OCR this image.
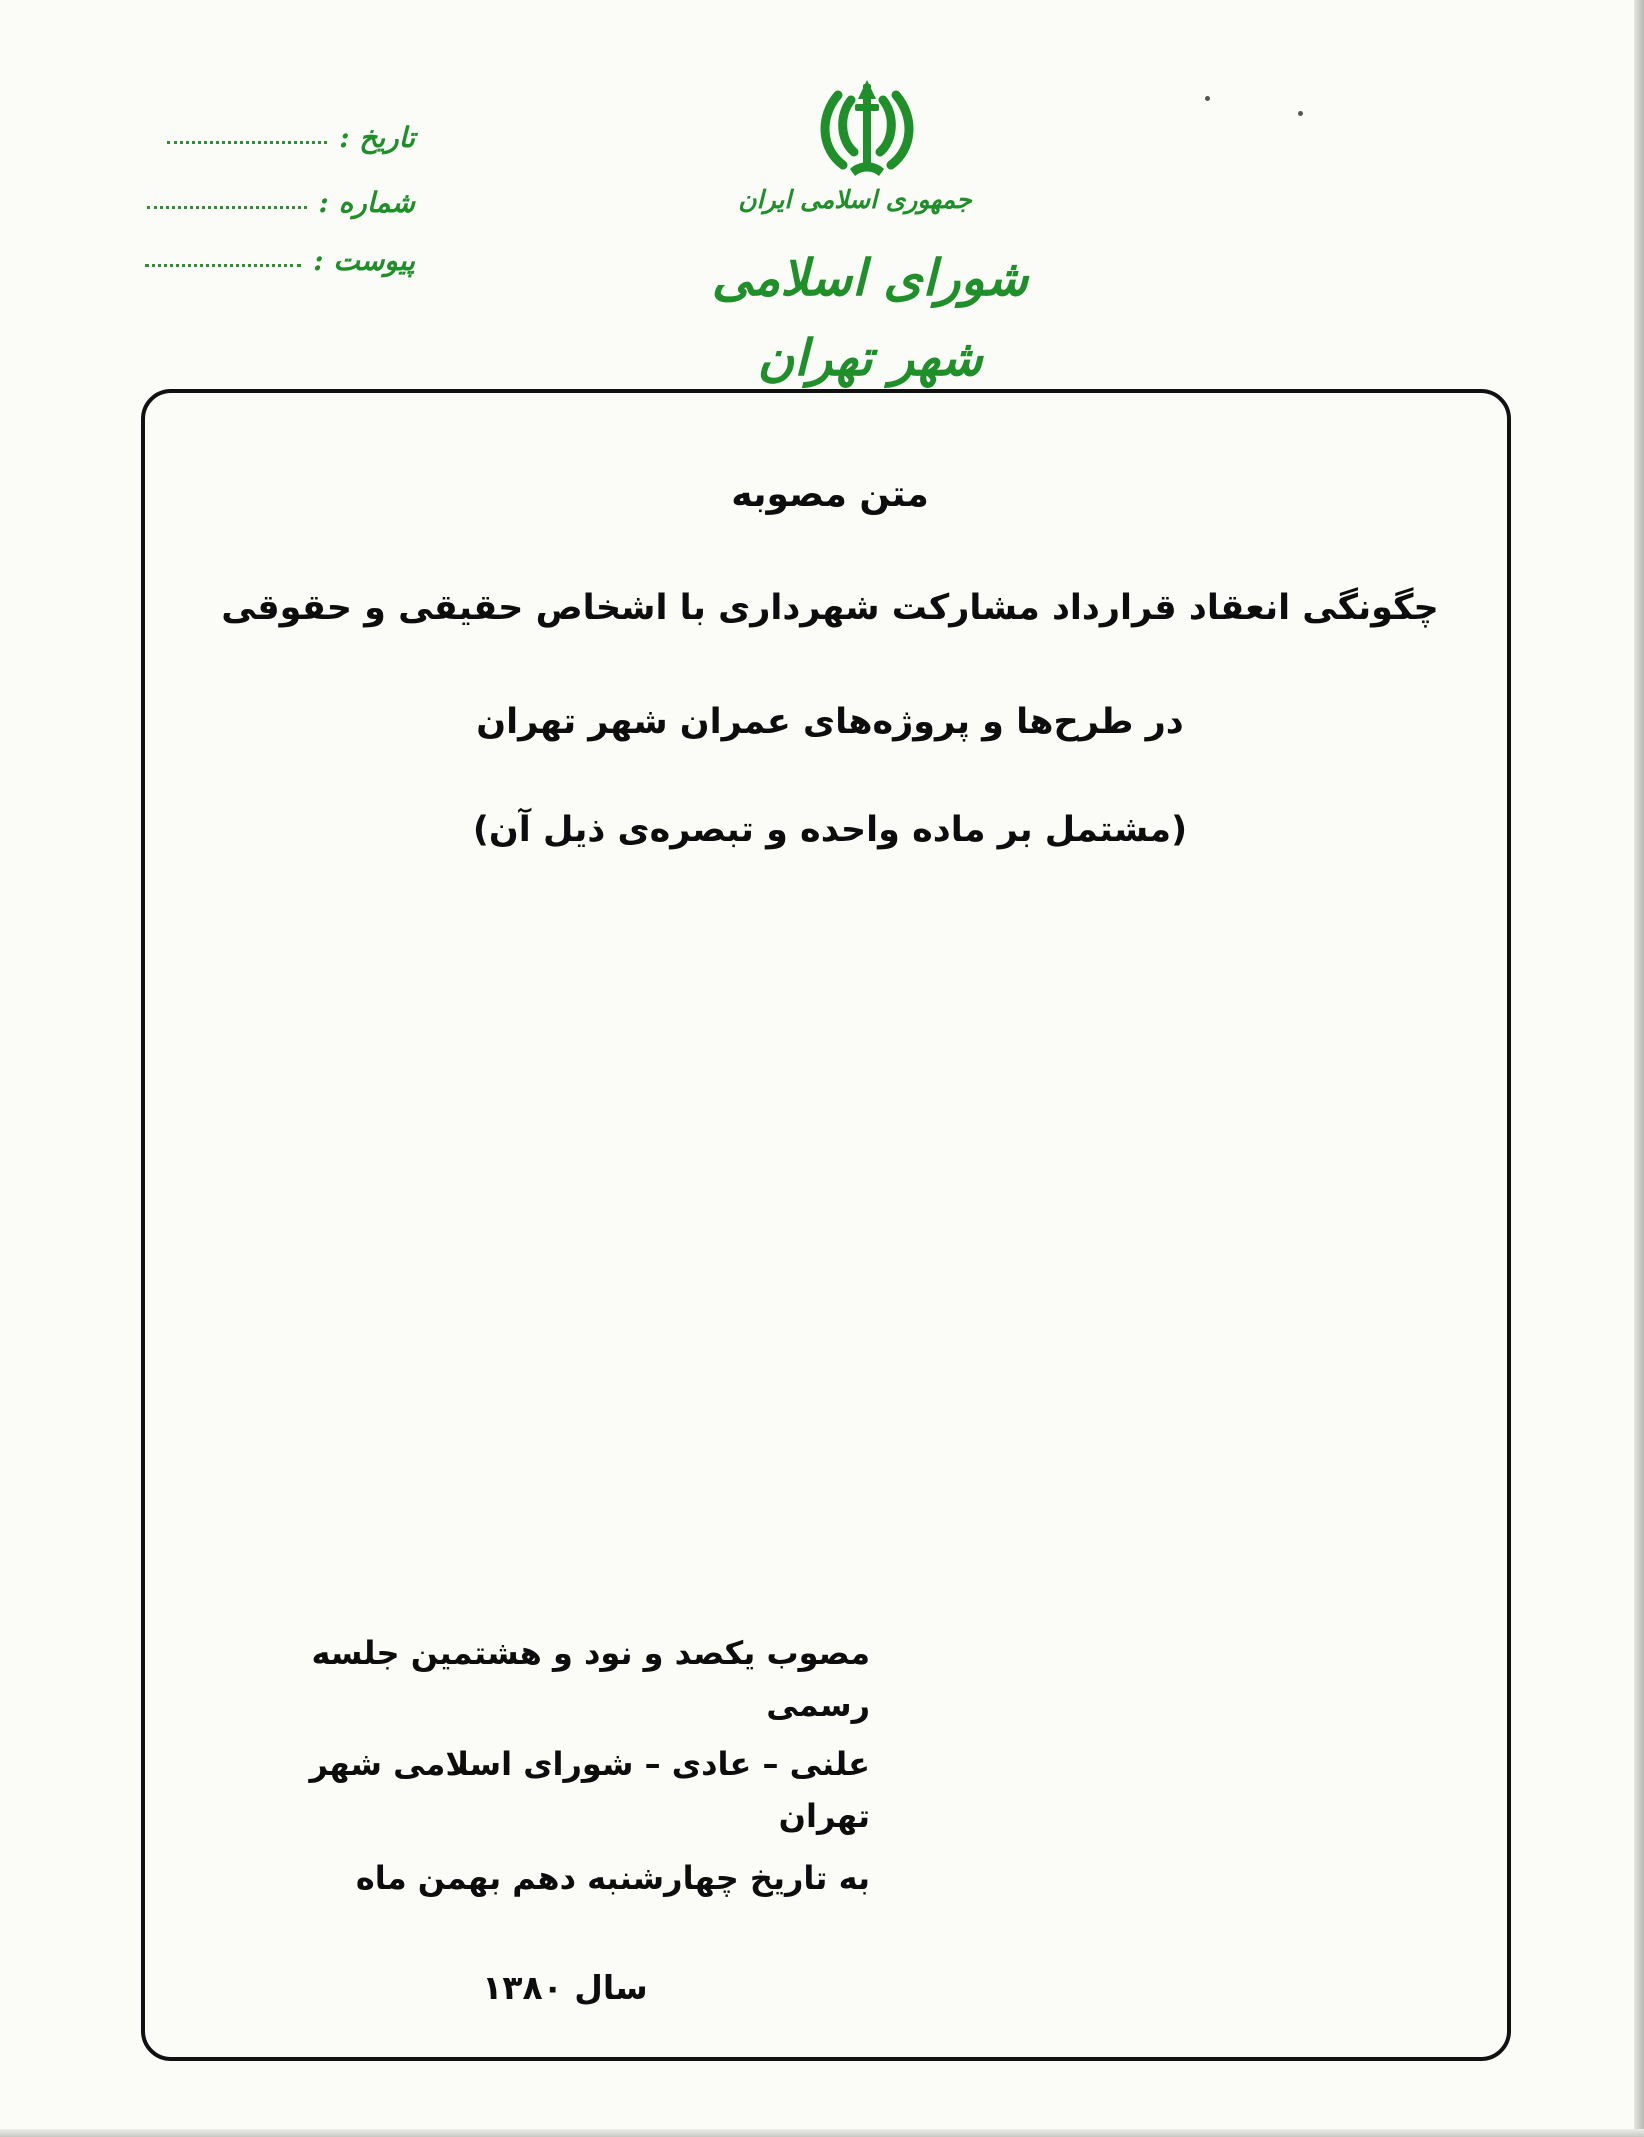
جمهوری اسلامی ایران
شورای اسلامی شهر تهران
تاریخ :
شماره :
پیوست :
متن مصوبه
چگونگی انعقاد قرارداد مشارکت شهرداری با اشخاص حقیقی و حقوقی
در طرح‌ها و پروژه‌های عمران شهر تهران
(مشتمل بر ماده واحده و تبصره‌ی ذیل آن)
مصوب یکصد و نود و هشتمین جلسه رسمی
علنی – عادی – شورای اسلامی شهر تهران
به تاریخ چهارشنبه دهم بهمن ماه
سال ۱۳۸۰
